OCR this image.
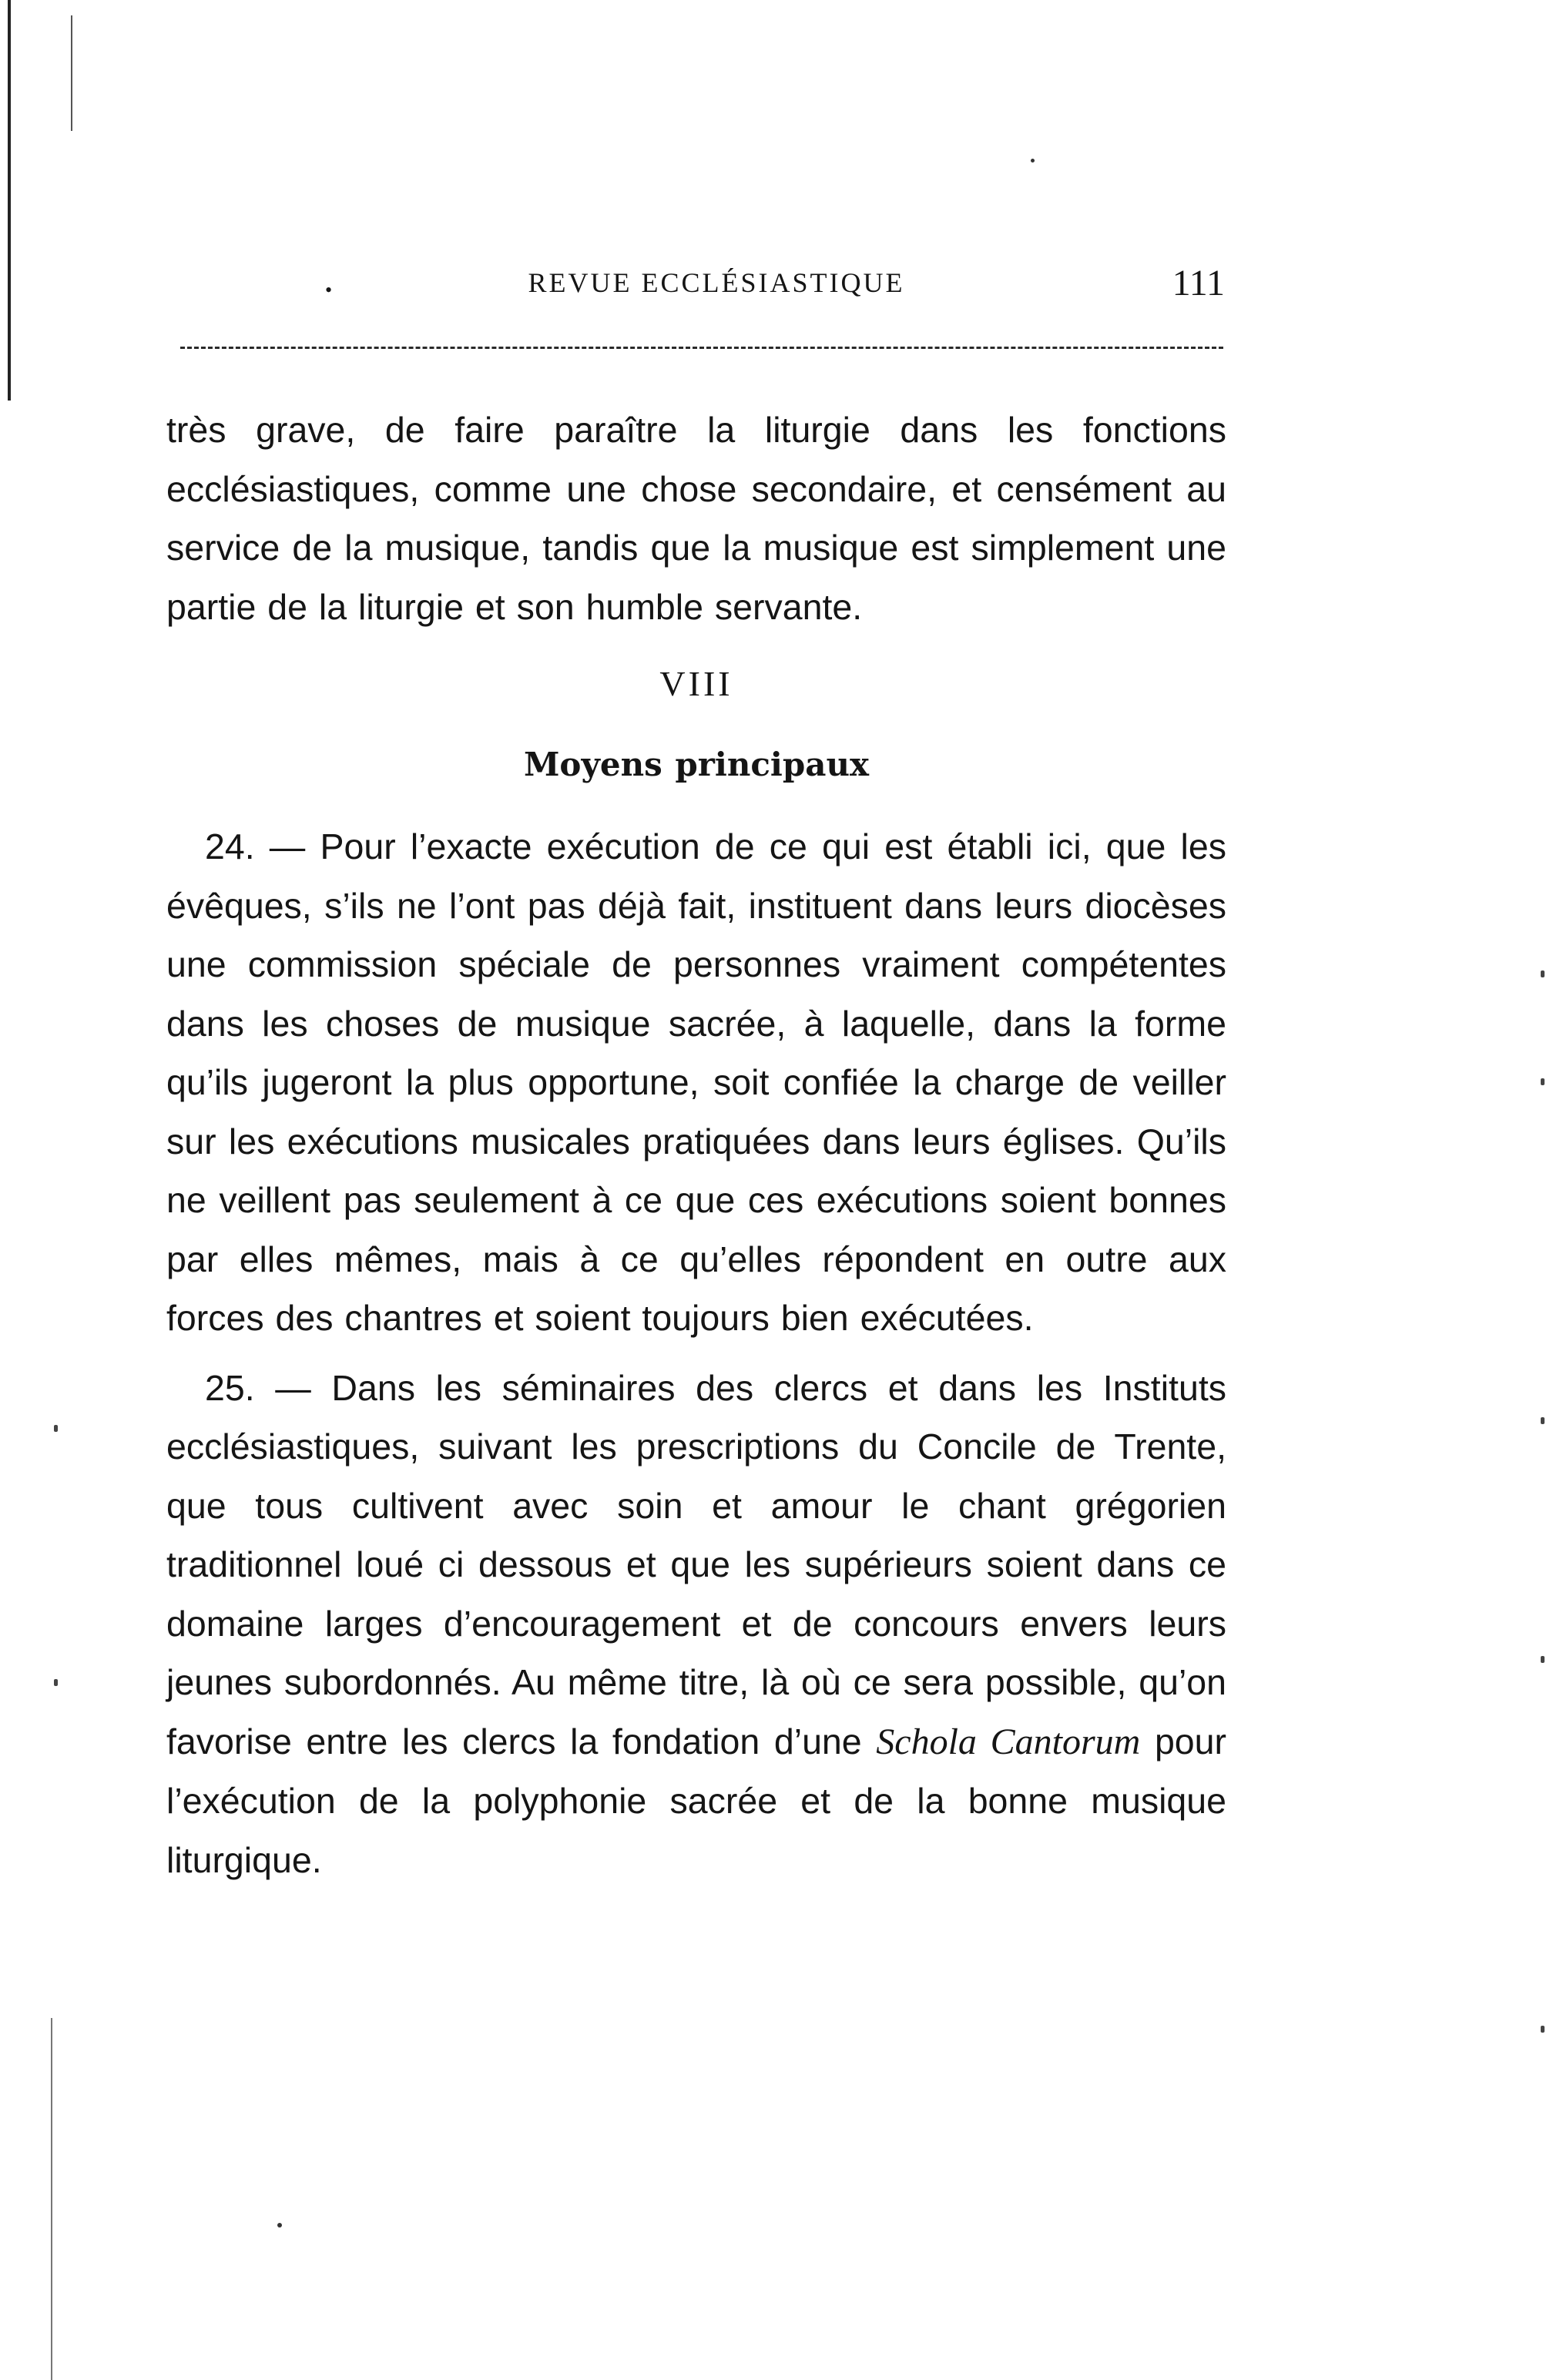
•	REVUE ECCLÉSIASTIQUE	111

très grave, de faire paraître la liturgie dans les fonctions ecclésiastiques, comme une chose secondaire, et censément au service de la musique, tandis que la musique est simplement une partie de la liturgie et son humble servante.

VIII

Moyens principaux

24. — Pour l’exacte exécution de ce qui est établi ici, que les évêques, s’ils ne l’ont pas déjà fait, instituent dans leurs diocèses une commission spéciale de personnes vraiment compétentes dans les choses de musique sacrée, à laquelle, dans la forme qu’ils jugeront la plus opportune, soit confiée la charge de veiller sur les exécutions musicales pratiquées dans leurs églises. Qu’ils ne veillent pas seulement à ce que ces exécutions soient bonnes par elles mêmes, mais à ce qu’elles répondent en outre aux forces des chantres et soient toujours bien exécutées.

25. — Dans les séminaires des clercs et dans les Instituts ecclésiastiques, suivant les prescriptions du Concile de Trente, que tous cultivent avec soin et amour le chant grégorien traditionnel loué ci dessous et que les supérieurs soient dans ce domaine larges d’encouragement et de concours envers leurs jeunes subordonnés. Au même titre, là où ce sera possible, qu’on favorise entre les clercs la fondation d’une Schola Cantorum pour l’exécution de la polyphonie sacrée et de la bonne musique liturgique.
